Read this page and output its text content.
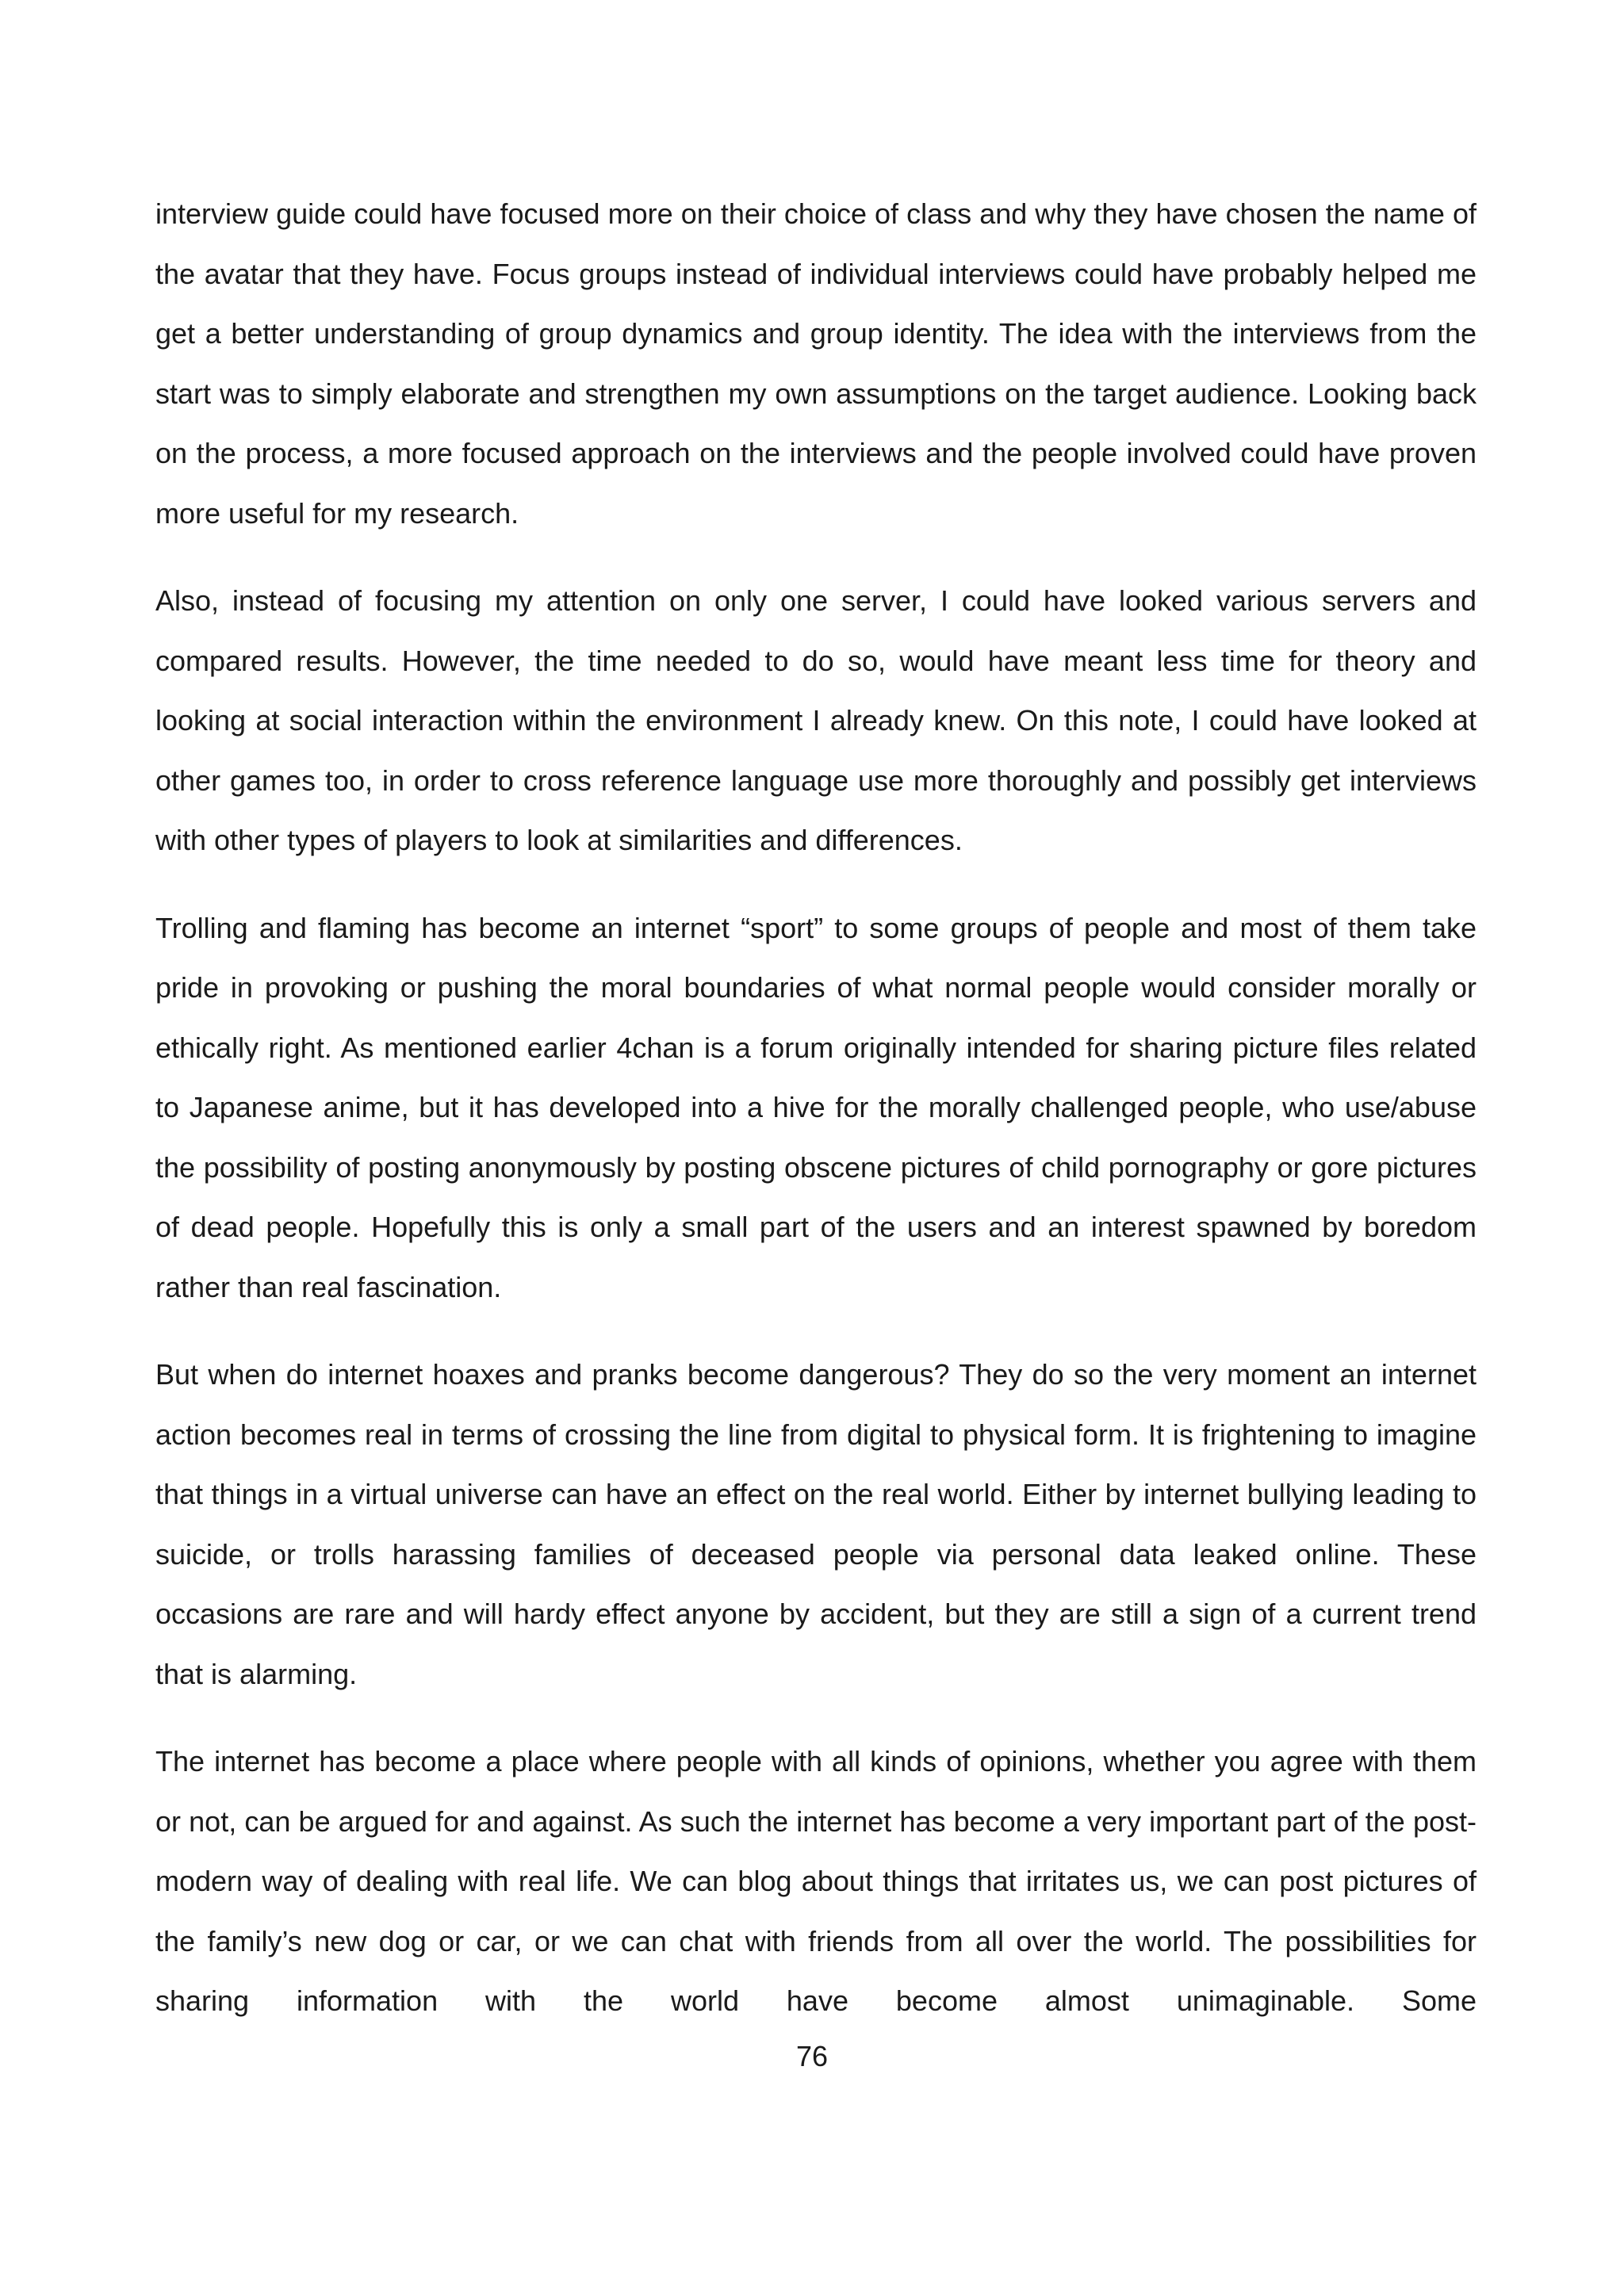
interview guide could have focused more on their choice of class and why they have chosen the name of the avatar that they have. Focus groups instead of individual interviews could have probably helped me get a better understanding of group dynamics and group identity. The idea with the interviews from the start was to simply elaborate and strengthen my own assumptions on the target audience. Looking back on the process, a more focused approach on the interviews and the people involved could have proven more useful for my research.

Also, instead of focusing my attention on only one server, I could have looked various servers and compared results. However, the time needed to do so, would have meant less time for theory and looking at social interaction within the environment I already knew. On this note, I could have looked at other games too, in order to cross reference language use more thoroughly and possibly get interviews with other types of players to look at similarities and differences.

Trolling and flaming has become an internet “sport” to some groups of people and most of them take pride in provoking or pushing the moral boundaries of what normal people would consider morally or ethically right. As mentioned earlier 4chan is a forum originally intended for sharing picture files related to Japanese anime, but it has developed into a hive for the morally challenged people, who use/abuse the possibility of posting anonymously by posting obscene pictures of child pornography or gore pictures of dead people. Hopefully this is only a small part of the users and an interest spawned by boredom rather than real fascination.

But when do internet hoaxes and pranks become dangerous? They do so the very moment an internet action becomes real in terms of crossing the line from digital to physical form. It is frightening to imagine that things in a virtual universe can have an effect on the real world. Either by internet bullying leading to suicide, or trolls harassing families of deceased people via personal data leaked online. These occasions are rare and will hardy effect anyone by accident, but they are still a sign of a current trend that is alarming.

The internet has become a place where people with all kinds of opinions, whether you agree with them or not, can be argued for and against. As such the internet has become a very important part of the post-modern way of dealing with real life. We can blog about things that irritates us, we can post pictures of the family’s new dog or car, or we can chat with friends from all over the world. The possibilities for sharing information with the world have become almost unimaginable. Some

76
